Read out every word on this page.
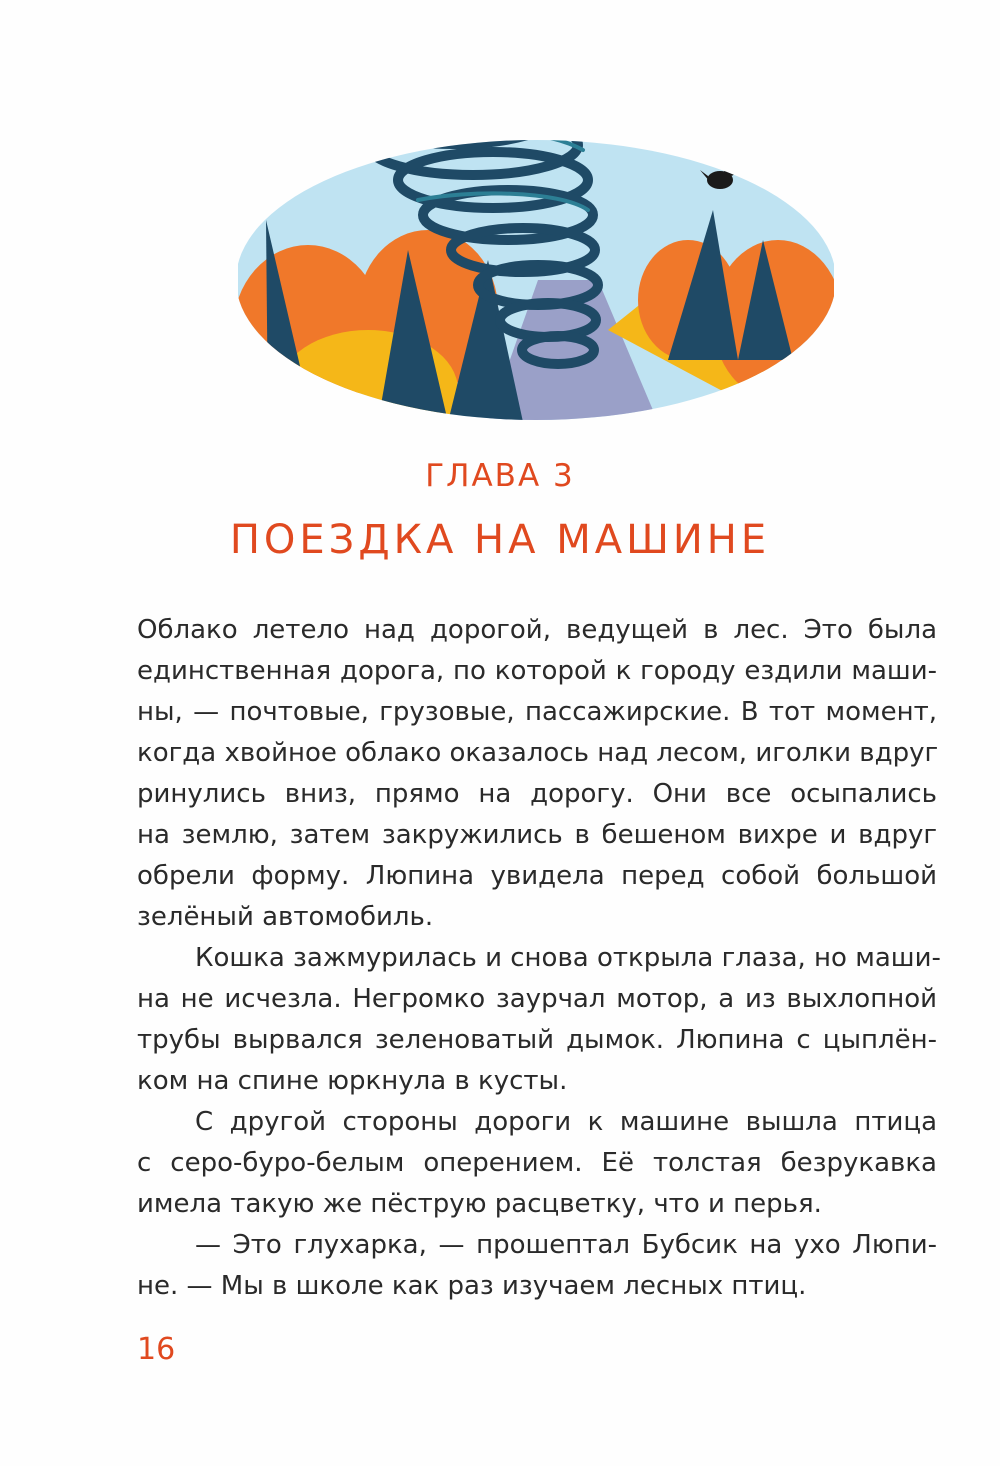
ГЛАВА 3
ПОЕЗДКА НА МАШИНЕ
Облако летело над дорогой, ведущей в лес. Это была
единственная дорога, по которой к городу ездили маши-
ны, — почтовые, грузовые, пассажирские. В тот момент,
когда хвойное облако оказалось над лесом, иголки вдруг
ринулись вниз, прямо на дорогу. Они все осыпались
на землю, затем закружились в бешеном вихре и вдруг
обрели форму. Люпина увидела перед собой большой
зелёный автомобиль.
Кошка зажмурилась и снова открыла глаза, но маши-
на не исчезла. Негромко заурчал мотор, а из выхлопной
трубы вырвался зеленоватый дымок. Люпина с цыплён-
ком на спине юркнула в кусты.
С другой стороны дороги к машине вышла птица
с серо-буро-белым оперением. Её толстая безрукавка
имела такую же пёструю расцветку, что и перья.
— Это глухарка, — прошептал Бубсик на ухо Люпи-
не. — Мы в школе как раз изучаем лесных птиц.
16
